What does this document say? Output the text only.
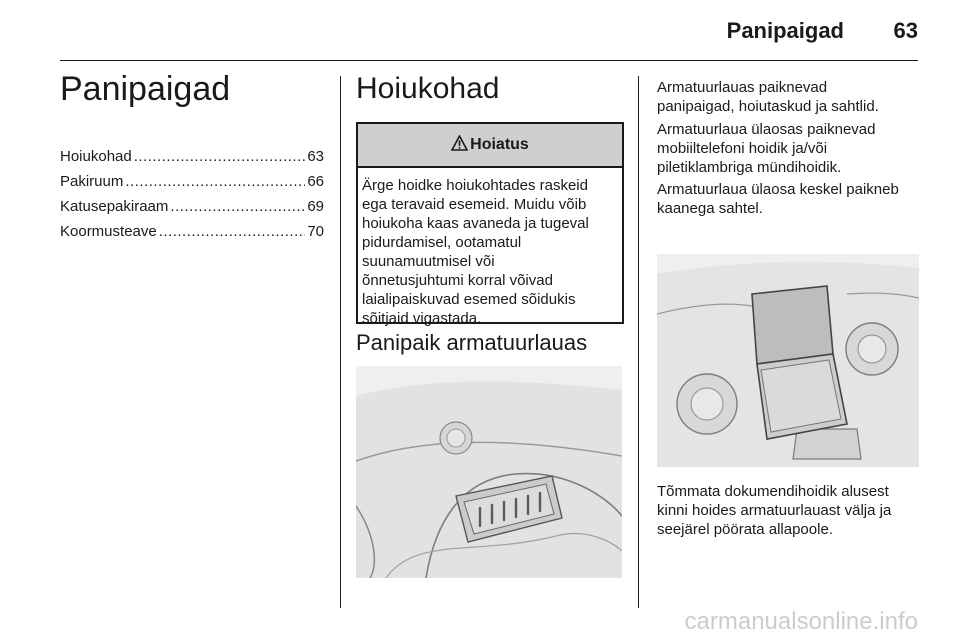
Panipaigad 63
Panipaigad
Hoiukohad .....	63
Pakiruum .....	66
Katusepakiraam .....	69
Koormusteave .....	70
Hoiukohad
Hoiatus
Ärge hoidke hoiukohtades raskeid
ega teravaid esemeid. Muidu võib
hoiukoha kaas avaneda ja tugeval
pidurdamisel, ootamatul
suunamuutmisel või
õnnetusjuhtumi korral võivad
laialipaiskuvad esemed sõidukis
sõitjaid vigastada.
Panipaik armatuurlauas
Armatuurlauas paiknevad
panipaigad, hoiutaskud ja sahtlid.
Armatuurlaua ülaosas paiknevad
mobiiltelefoni hoidik ja/või
piletiklambriga mündihoidik.
Armatuurlaua ülaosa keskel paikneb
kaanega sahtel.
Tõmmata dokumendihoidik alusest
kinni hoides armatuurlauast välja ja
seejärel pöörata allapoole.
carmanualsonline.info
